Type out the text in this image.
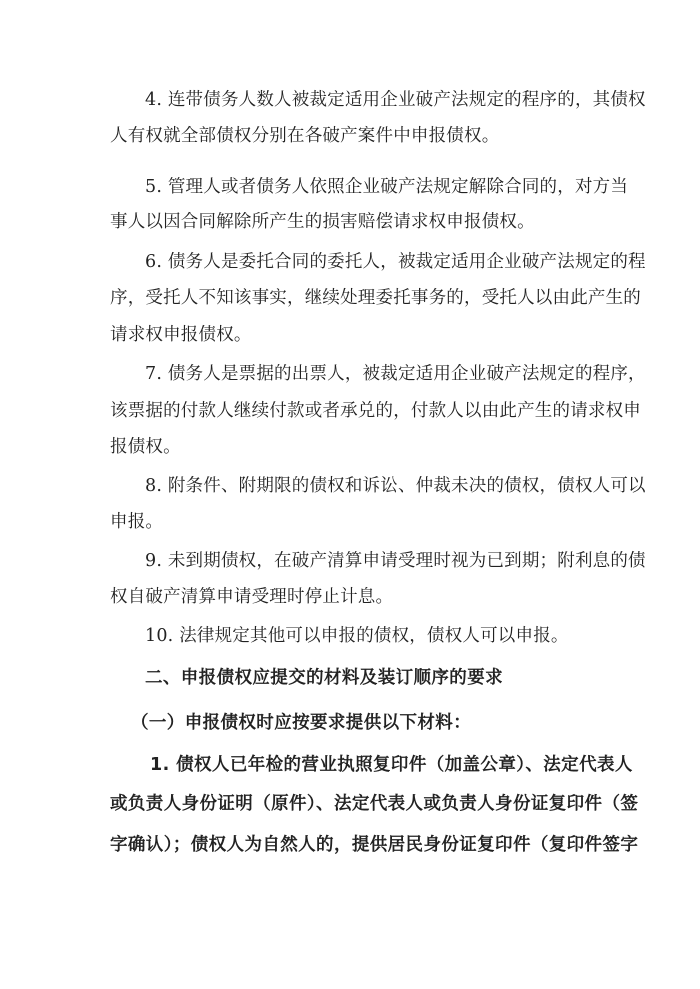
4. 连带债务人数人被裁定适用企业破产法规定的程序的，其债权
人有权就全部债权分别在各破产案件中申报债权。
5. 管理人或者债务人依照企业破产法规定解除合同的，对方当
事人以因合同解除所产生的损害赔偿请求权申报债权。
6. 债务人是委托合同的委托人，被裁定适用企业破产法规定的程
序，受托人不知该事实，继续处理委托事务的，受托人以由此产生的
请求权申报债权。
7. 债务人是票据的出票人，被裁定适用企业破产法规定的程序，
该票据的付款人继续付款或者承兑的，付款人以由此产生的请求权申
报债权。
8. 附条件、附期限的债权和诉讼、仲裁未决的债权，债权人可以
申报。
9. 未到期债权，在破产清算申请受理时视为已到期；附利息的债
权自破产清算申请受理时停止计息。
10. 法律规定其他可以申报的债权，债权人可以申报。
二、申报债权应提交的材料及装订顺序的要求
（一）申报债权时应按要求提供以下材料：
1. 债权人已年检的营业执照复印件（加盖公章）、法定代表人
或负责人身份证明（原件）、法定代表人或负责人身份证复印件（签
字确认）；债权人为自然人的，提供居民身份证复印件（复印件签字
